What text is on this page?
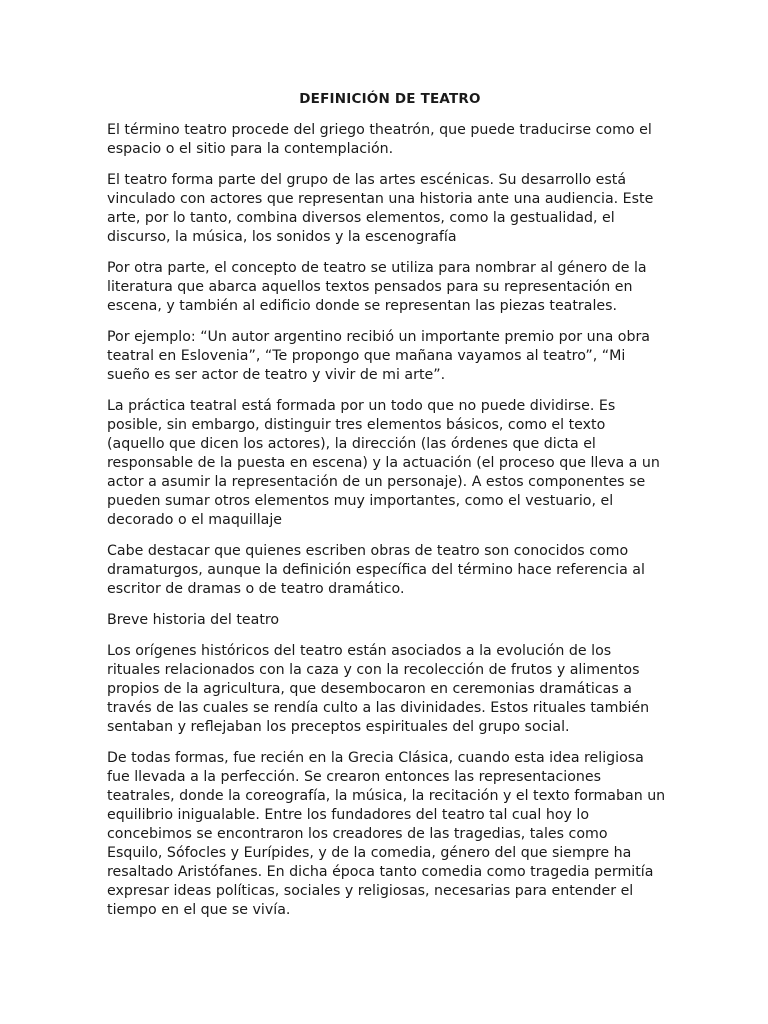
DEFINICIÓN DE TEATRO

El término teatro procede del griego theatrón, que puede traducirse como el espacio o el sitio para la contemplación.

El teatro forma parte del grupo de las artes escénicas. Su desarrollo está vinculado con actores que representan una historia ante una audiencia. Este arte, por lo tanto, combina diversos elementos, como la gestualidad, el discurso, la música, los sonidos y la escenografía

Por otra parte, el concepto de teatro se utiliza para nombrar al género de la literatura que abarca aquellos textos pensados para su representación en escena, y también al edificio donde se representan las piezas teatrales.

Por ejemplo: “Un autor argentino recibió un importante premio por una obra teatral en Eslovenia”, “Te propongo que mañana vayamos al teatro”, “Mi sueño es ser actor de teatro y vivir de mi arte”.

La práctica teatral está formada por un todo que no puede dividirse. Es posible, sin embargo, distinguir tres elementos básicos, como el texto (aquello que dicen los actores), la dirección (las órdenes que dicta el responsable de la puesta en escena) y la actuación (el proceso que lleva a un actor a asumir la representación de un personaje). A estos componentes se pueden sumar otros elementos muy importantes, como el vestuario, el decorado o el maquillaje

Cabe destacar que quienes escriben obras de teatro son conocidos como dramaturgos, aunque la definición específica del término hace referencia al escritor de dramas o de teatro dramático.

Breve historia del teatro

Los orígenes históricos del teatro están asociados a la evolución de los rituales relacionados con la caza y con la recolección de frutos y alimentos propios de la agricultura, que desembocaron en ceremonias dramáticas a través de las cuales se rendía culto a las divinidades. Estos rituales también sentaban y reflejaban los preceptos espirituales del grupo social.

De todas formas, fue recién en la Grecia Clásica, cuando esta idea religiosa fue llevada a la perfección. Se crearon entonces las representaciones teatrales, donde la coreografía, la música, la recitación y el texto formaban un equilibrio inigualable. Entre los fundadores del teatro tal cual hoy lo concebimos se encontraron los creadores de las tragedias, tales como Esquilo, Sófocles y Eurípides, y de la comedia, género del que siempre ha resaltado Aristófanes. En dicha época tanto comedia como tragedia permitía expresar ideas políticas, sociales y religiosas, necesarias para entender el tiempo en el que se vivía.
